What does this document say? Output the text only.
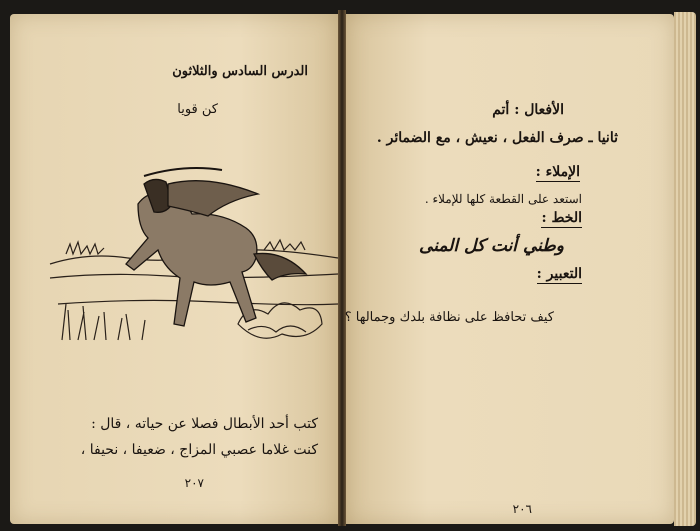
الدرس السادس والثلاثون
كن قويا
كتب أحد الأبطال فصلا عن حياته ، قال :
كنت غلاما عصبي المزاج ، ضعيفا ، نحيفا ،
٢٠٧
الأفعال : أتم
ثانيا ـ صرف الفعل ، نعيش ، مع الضمائر .
الإملاء :
استعد على القطعة كلها للإملاء .
الخط :
وطني أنت كل المنى
التعبير :
كيف تحافظ على نظافة بلدك وجمالها ؟
٢٠٦
